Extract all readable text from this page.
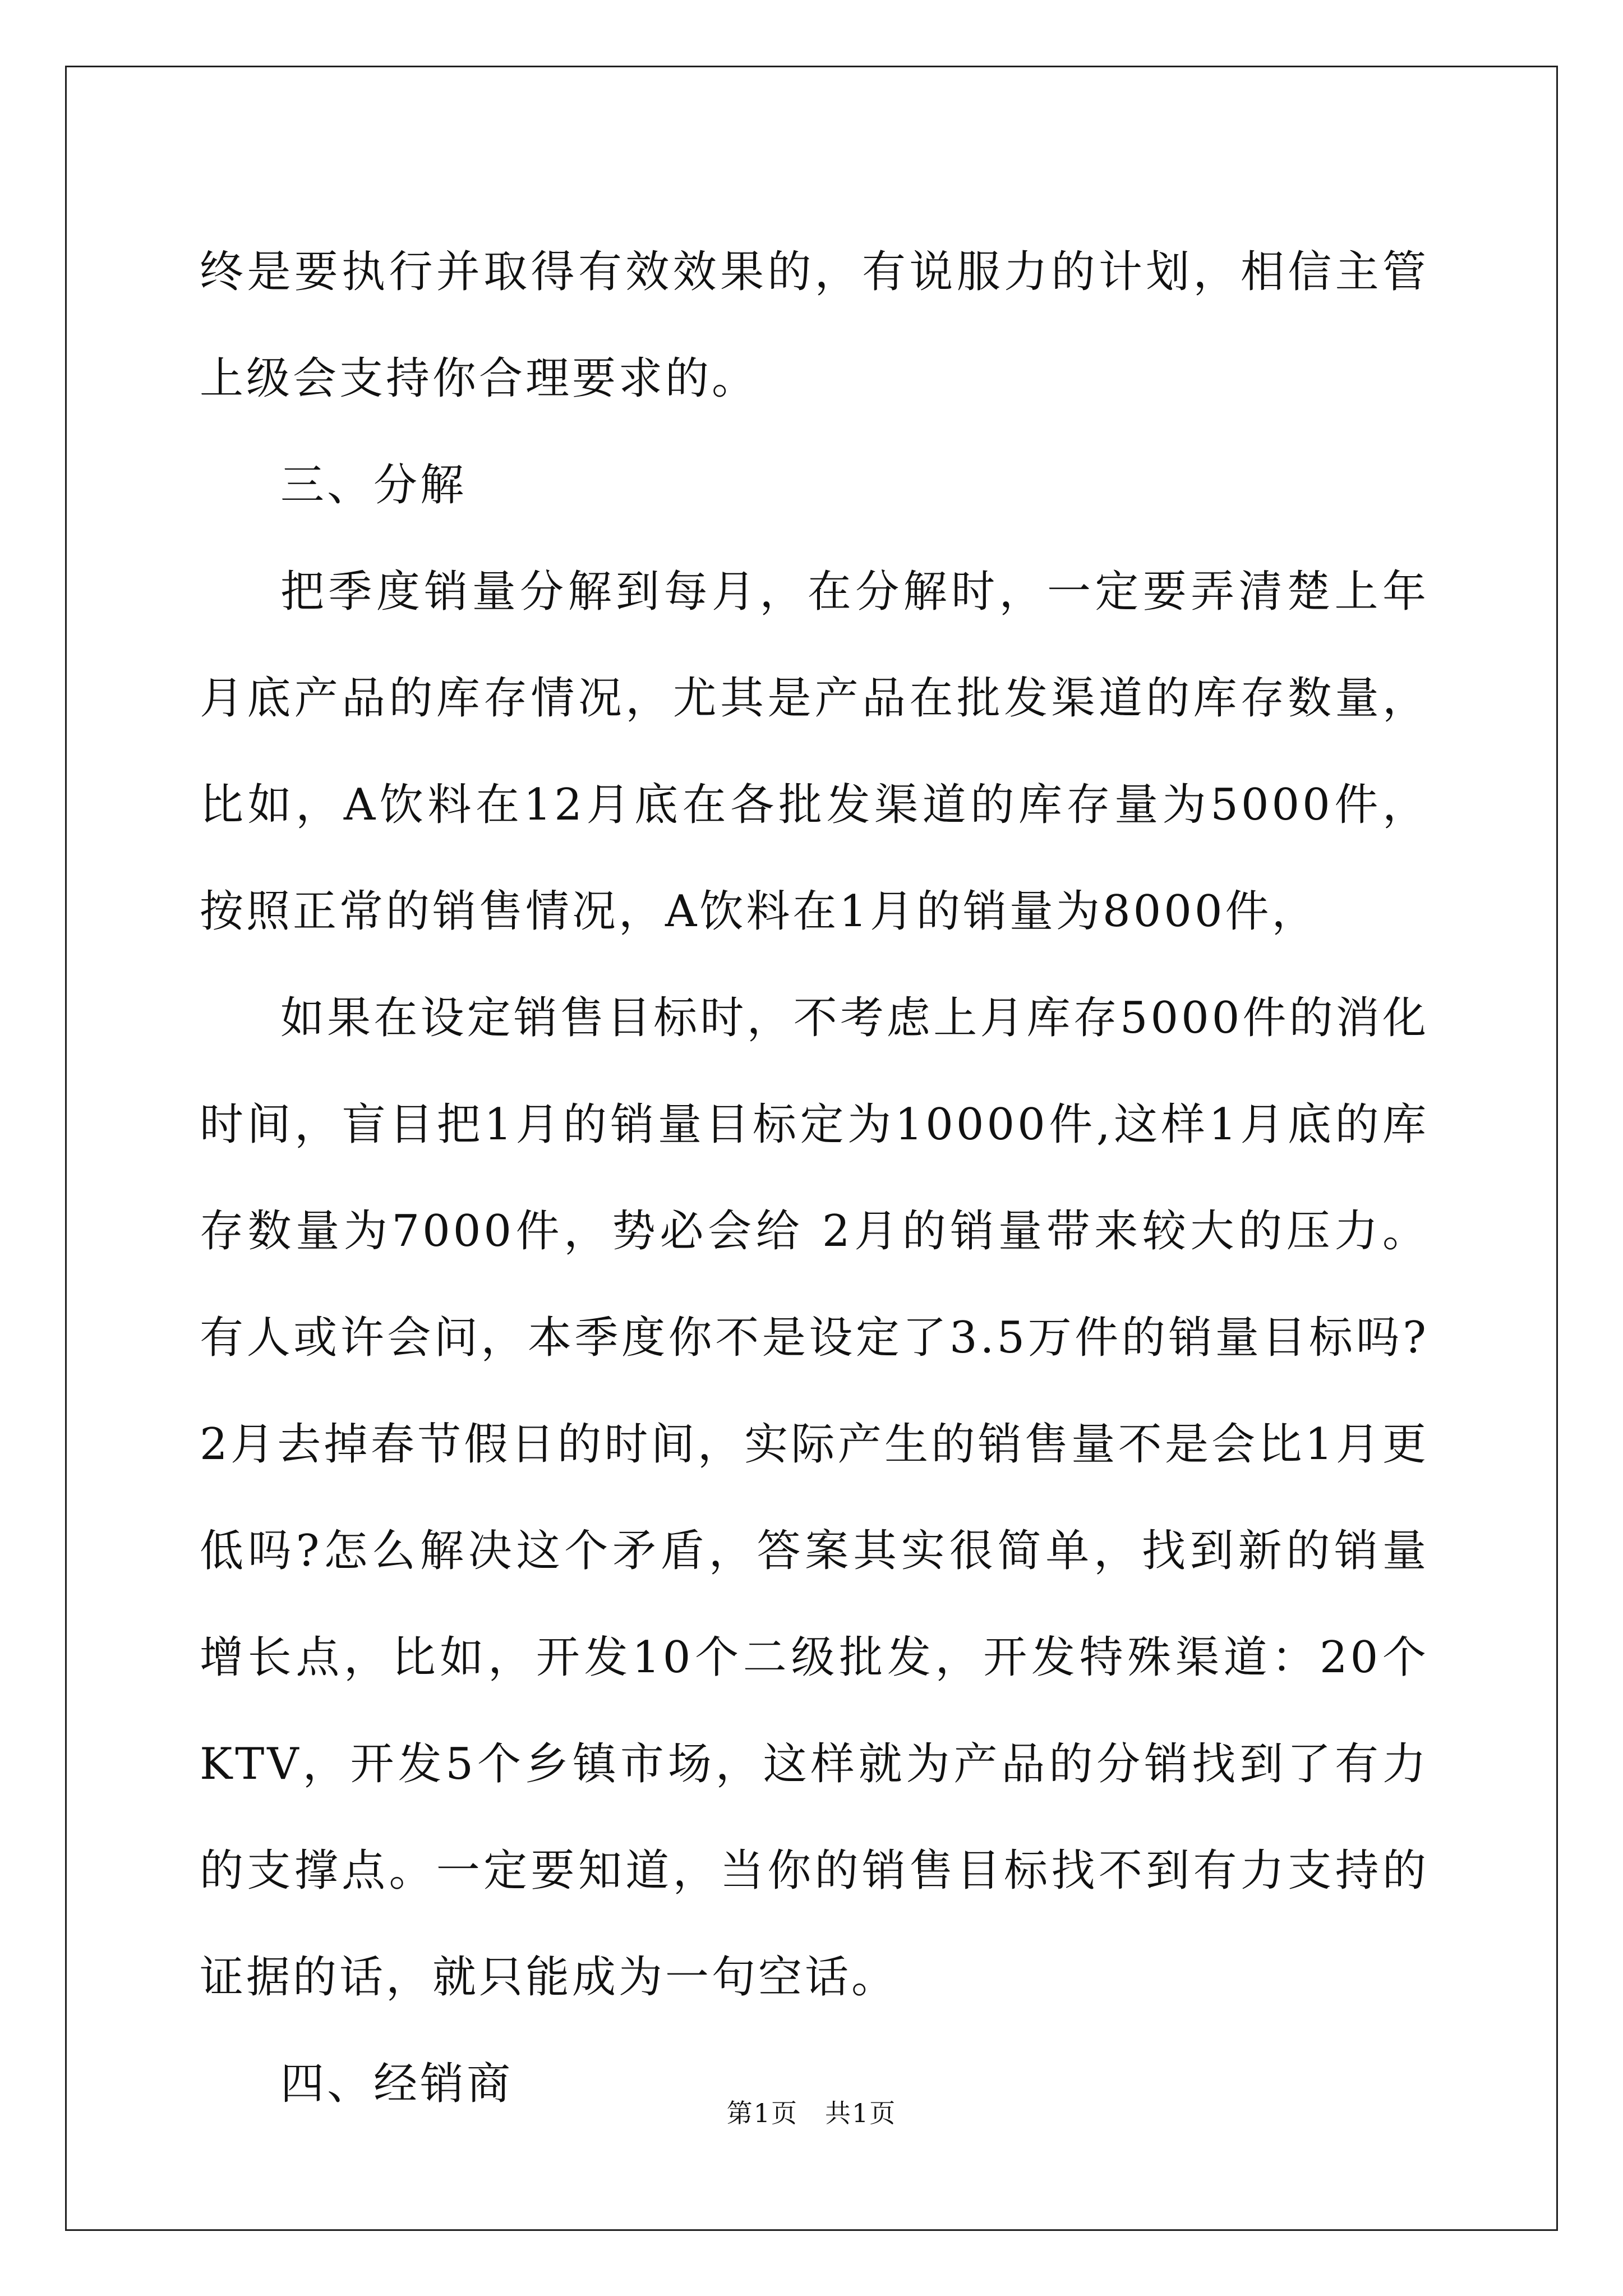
终是要执行并取得有效效果的，有说服力的计划，相信主管上级会支持你合理要求的。

三、分解

把季度销量分解到每月，在分解时，一定要弄清楚上年月底产品的库存情况，尤其是产品在批发渠道的库存数量，比如，A饮料在12月底在各批发渠道的库存量为5000件，按照正常的销售情况，A饮料在1月的销量为8000件，

如果在设定销售目标时，不考虑上月库存5000件的消化时间，盲目把1月的销量目标定为10000件,这样1月底的库存数量为7000件，势必会给 2月的销量带来较大的压力。有人或许会问，本季度你不是设定了3.5万件的销量目标吗?2月去掉春节假日的时间，实际产生的销售量不是会比1月更低吗?怎么解决这个矛盾，答案其实很简单，找到新的销量增长点，比如，开发10个二级批发，开发特殊渠道：20个KTV，开发5个乡镇市场，这样就为产品的分销找到了有力的支撑点。一定要知道，当你的销售目标找不到有力支持的证据的话，就只能成为一句空话。

四、经销商

第1页 共1页
